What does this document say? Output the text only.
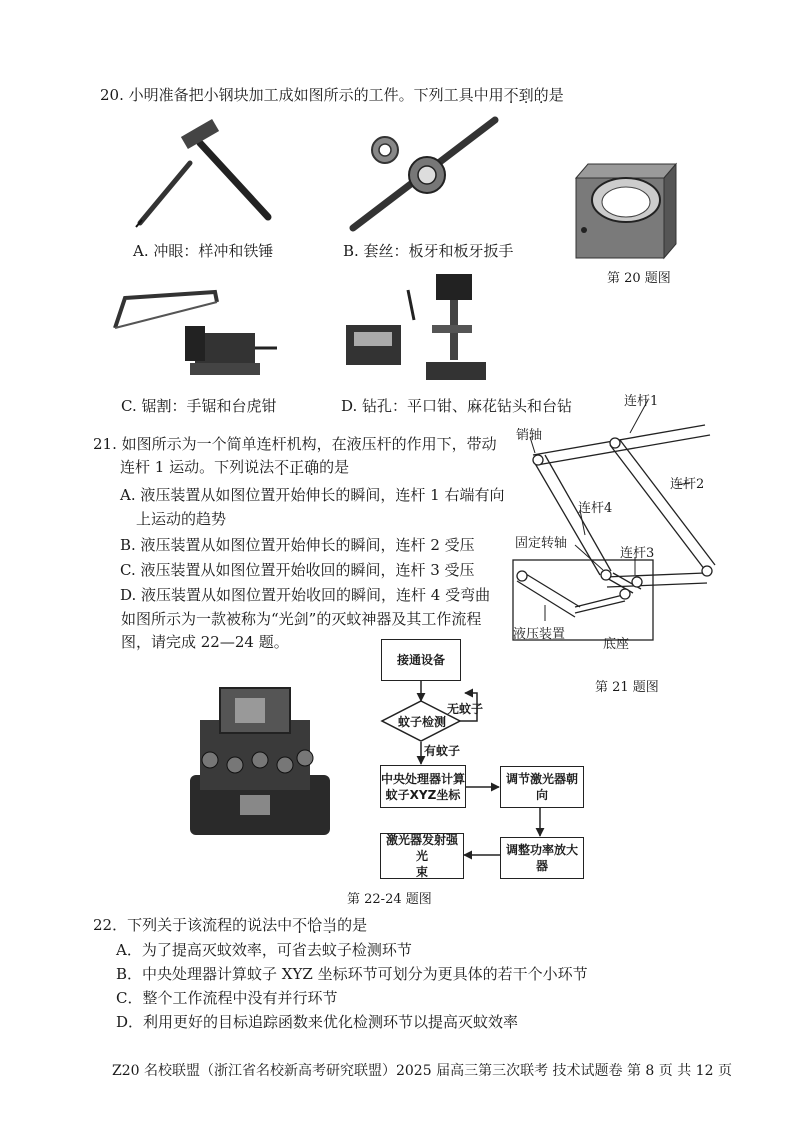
20. 小明准备把小钢块加工成如图所示的工件。下列工具中用不到的是
A. 冲眼：样冲和铁锤	B. 套丝：板牙和板牙扳手
第 20 题图
C. 锯割：手锯和台虎钳	D. 钻孔：平口钳、麻花钻头和台钻
21. 如图所示为一个简单连杆机构，在液压杆的作用下，带动
连杆 1 运动。下列说法不正确的是
A. 液压装置从如图位置开始伸长的瞬间，连杆 1 右端有向
上运动的趋势
B. 液压装置从如图位置开始伸长的瞬间，连杆 2 受压
C. 液压装置从如图位置开始收回的瞬间，连杆 3 受压
D. 液压装置从如图位置开始收回的瞬间，连杆 4 受弯曲
连杆1
销轴
连杆2
连杆4
固定转轴
连杆3
液压装置
底座
第 21 题图
如图所示为一款被称为“光剑”的灭蚊神器及其工作流程
图，请完成 22—24 题。
接通设备
蚊子检测
无蚊子
有蚊子
中央处理器计算
蚊子XYZ坐标
调节激光器朝向
调整功率放大器
激光器发射强光
束
第 22-24 题图
22．下列关于该流程的说法中不恰当的是
A．为了提高灭蚊效率，可省去蚊子检测环节
B．中央处理器计算蚊子 XYZ 坐标环节可划分为更具体的若干个小环节
C．整个工作流程中没有并行环节
D．利用更好的目标追踪函数来优化检测环节以提高灭蚊效率
Z20 名校联盟（浙江省名校新高考研究联盟）2025 届高三第三次联考 技术试题卷 第 8 页 共 12 页
